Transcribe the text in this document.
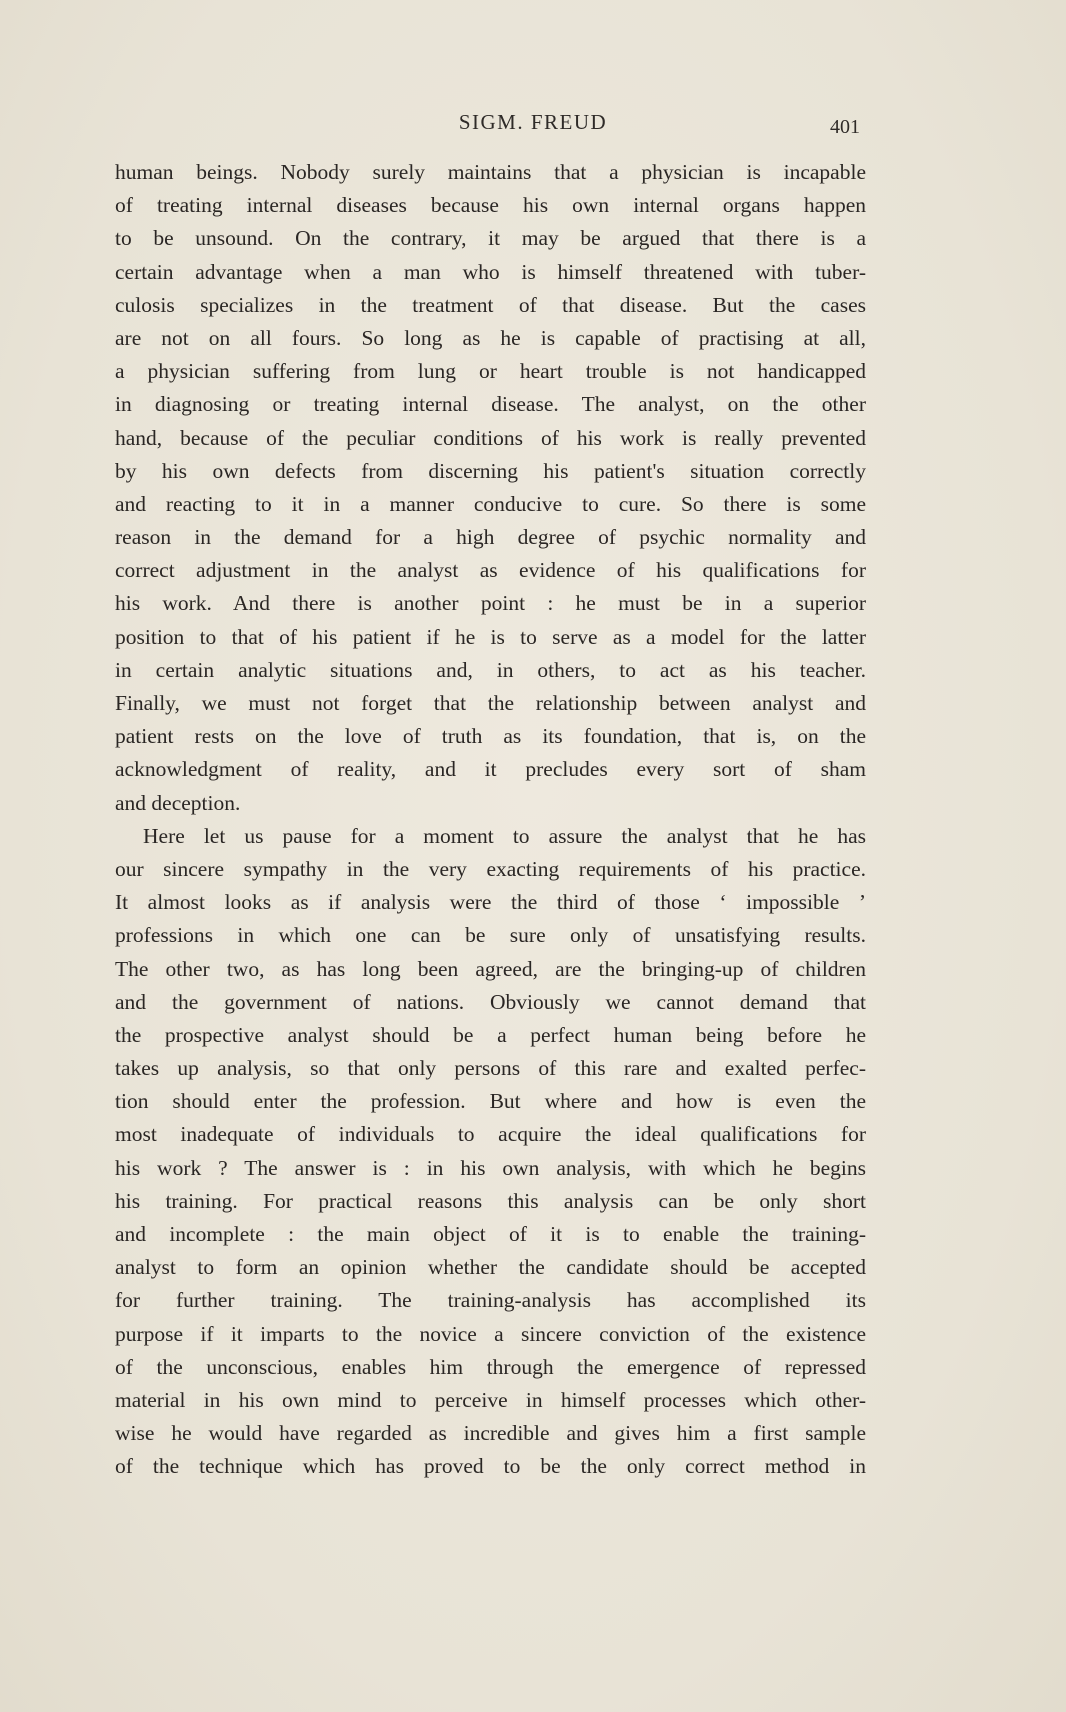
SIGM. FREUD	401
human beings. Nobody surely maintains that a physician is incapable
of treating internal diseases because his own internal organs happen
to be unsound. On the contrary, it may be argued that there is a
certain advantage when a man who is himself threatened with tuber-
culosis specializes in the treatment of that disease. But the cases
are not on all fours. So long as he is capable of practising at all,
a physician suffering from lung or heart trouble is not handicapped
in diagnosing or treating internal disease. The analyst, on the other
hand, because of the peculiar conditions of his work is really prevented
by his own defects from discerning his patient's situation correctly
and reacting to it in a manner conducive to cure. So there is some
reason in the demand for a high degree of psychic normality and
correct adjustment in the analyst as evidence of his qualifications for
his work. And there is another point : he must be in a superior
position to that of his patient if he is to serve as a model for the latter
in certain analytic situations and, in others, to act as his teacher.
Finally, we must not forget that the relationship between analyst and
patient rests on the love of truth as its foundation, that is, on the
acknowledgment of reality, and it precludes every sort of sham
and deception.
Here let us pause for a moment to assure the analyst that he has
our sincere sympathy in the very exacting requirements of his practice.
It almost looks as if analysis were the third of those ‘ impossible ’
professions in which one can be sure only of unsatisfying results.
The other two, as has long been agreed, are the bringing-up of children
and the government of nations. Obviously we cannot demand that
the prospective analyst should be a perfect human being before he
takes up analysis, so that only persons of this rare and exalted perfec-
tion should enter the profession. But where and how is even the
most inadequate of individuals to acquire the ideal qualifications for
his work ? The answer is : in his own analysis, with which he begins
his training. For practical reasons this analysis can be only short
and incomplete : the main object of it is to enable the training-
analyst to form an opinion whether the candidate should be accepted
for further training. The training-analysis has accomplished its
purpose if it imparts to the novice a sincere conviction of the existence
of the unconscious, enables him through the emergence of repressed
material in his own mind to perceive in himself processes which other-
wise he would have regarded as incredible and gives him a first sample
of the technique which has proved to be the only correct method in
